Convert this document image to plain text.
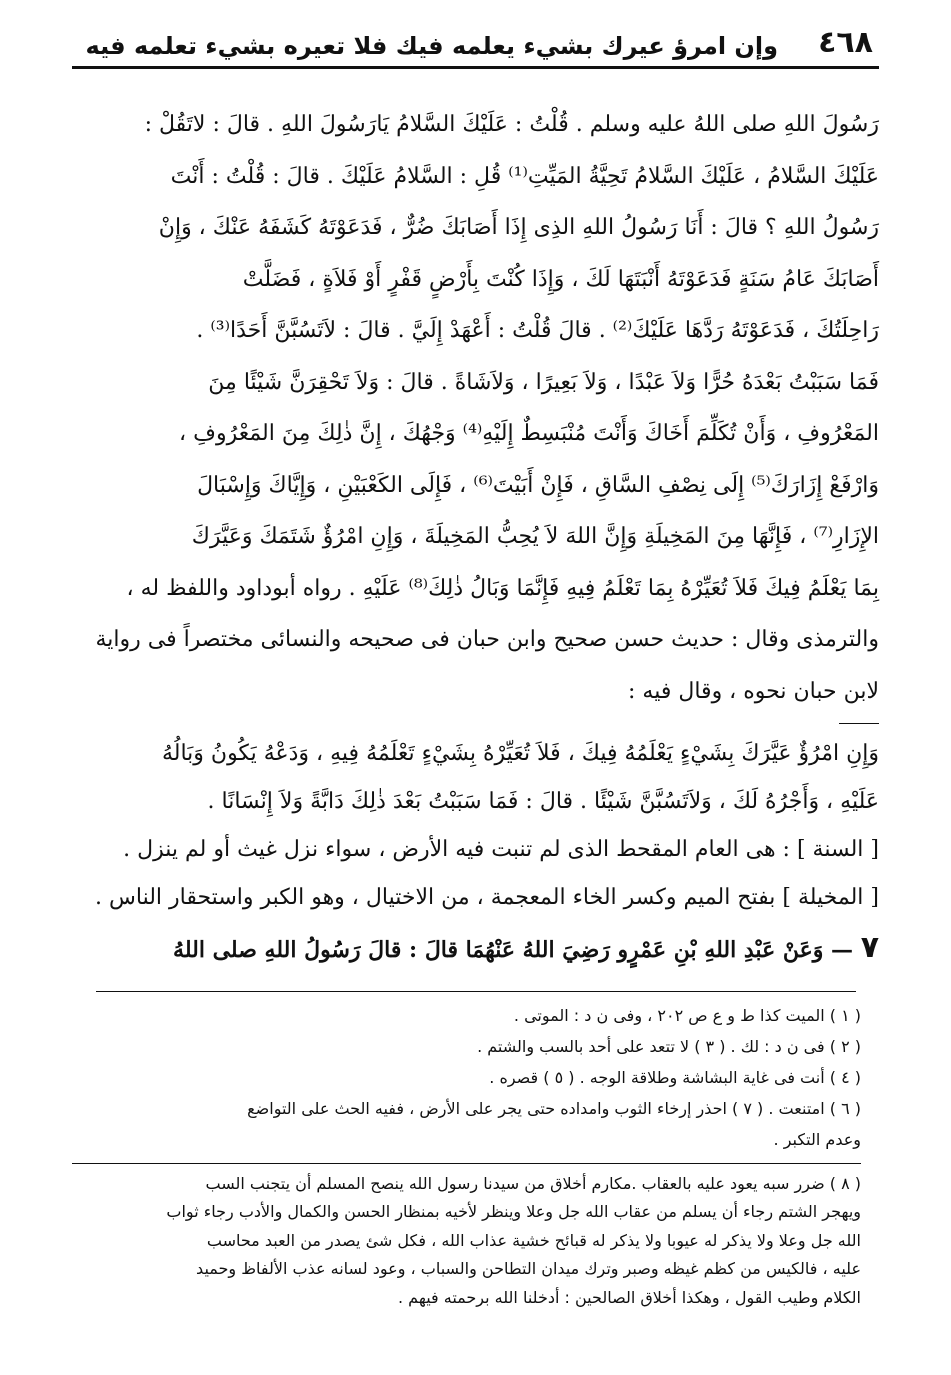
٤٦٨
وإن امرؤ عيرك بشيء يعلمه فيك فلا تعيره بشيء تعلمه فيه

رَسُولَ اللهِ صلى اللهُ عليه وسلم . قُلْتُ : عَلَيْكَ السَّلامُ يَارَسُولَ اللهِ . قالَ : لاتَقُلْ :

عَلَيْكَ السَّلامُ ، عَلَيْكَ السَّلامُ تَحِيَّةُ المَيِّتِ⁽¹⁾ قُلِ : السَّلامُ عَلَيْكَ . قالَ : قُلْتُ : أَنْتَ

رَسُولُ اللهِ ؟ قالَ : أَنَا رَسُولُ اللهِ الذِى إِذَا أَصَابَكَ ضُرٌّ ، فَدَعَوْتَهُ كَشَفَهُ عَنْكَ ، وَإِنْ

أَصَابَكَ عَامُ سَنَةٍ فَدَعَوْتَهُ أَنْبَتَهَا لَكَ ، وَإِذَا كُنْتَ بِأَرْضٍ قَفْرٍ أَوْ فَلاَةٍ ، فَضَلَّتْ

رَاحِلَتُكَ ، فَدَعَوْتَهُ رَدَّهَا عَلَيْكَ⁽²⁾ . قالَ قُلْتُ : أَعْهَدْ إِلَيَّ . قالَ : لاَتَسُبَّنَّ أَحَدًا⁽³⁾ .

فَمَا سَبَبْتُ بَعْدَهُ حُرًّا وَلاَ عَبْدًا ، وَلاَ بَعِيرًا ، وَلاَشَاةً . قالَ : وَلاَ تَحْقِرَنَّ شَيْئًا مِنَ

المَعْرُوفِ ، وَأَنْ تُكَلِّمَ أَخَاكَ وَأَنْتَ مُنْبَسِطٌ إِلَيْهِ⁽⁴⁾ وَجْهُكَ ، إِنَّ ذٰلِكَ مِنَ المَعْرُوفِ ،

وَارْفَعْ إِزَارَكَ⁽⁵⁾ إِلَى نِصْفِ السَّاقِ ، فَإِنْ أَبَيْتَ⁽⁶⁾ ، فَإِلَى الكَعْبَيْنِ ، وَإِيَّاكَ وَإِسْبَالَ

الإِزَارِ⁽⁷⁾ ، فَإِنَّهَا مِنَ المَخِيلَةِ وَإِنَّ اللهَ لاَ يُحِبُّ المَخِيلَةَ ، وَإِنِ امْرُؤٌ شَتَمَكَ وَعَيَّرَكَ

بِمَا يَعْلَمُ فِيكَ فَلاَ تُعَيِّرْهُ بِمَا تَعْلَمُ فِيهِ فَإِنَّمَا وَبَالُ ذٰلِكَ⁽⁸⁾ عَلَيْهِ . رواه أبوداود واللفظ له ،

والترمذى وقال : حديث حسن صحيح وابن حبان فى صحيحه والنسائى مختصراً فى رواية

لابن حبان نحوه ، وقال فيه :

وَإِنِ امْرُؤٌ عَيَّرَكَ بِشَيْءٍ يَعْلَمُهُ فِيكَ ، فَلاَ تُعَيِّرْهُ بِشَيْءٍ تَعْلَمُهُ فِيهِ ، وَدَعْهُ يَكُونُ وَبَالُهُ

عَلَيْهِ ، وَأَجْرُهُ لَكَ ، وَلاَتَسُبَّنَّ شَيْئًا . قالَ : فَمَا سَبَبْتُ بَعْدَ ذٰلِكَ دَابَّةً وَلاَ إِنْسَانًا .

[ السنة ] : هى العام المقحط الذى لم تنبت فيه الأرض ، سواء نزل غيث أو لم ينزل .

[ المخيلة ] بفتح الميم وكسر الخاء المعجمة ، من الاختيال ، وهو الكبر واستحقار الناس .

٧ — وَعَنْ عَبْدِ اللهِ بْنِ عَمْرٍو رَضِيَ اللهُ عَنْهُمَا قالَ : قالَ رَسُولُ اللهِ صلى اللهُ

( ١ ) الميت كذا ط و ع ص ٢٠٢ ، وفى ن د : الموتى .

( ٢ ) فى ن د : لك . ( ٣ ) لا تتعد على أحد بالسب والشتم .

( ٤ ) أنت فى غاية البشاشة وطلاقة الوجه . ( ٥ ) قصره .

( ٦ ) امتنعت . ( ٧ ) احذر إرخاء الثوب وامداده حتى يجر على الأرض ، ففيه الحث على التواضع

وعدم التكبر .

( ٨ ) ضرر سبه يعود عليه بالعقاب .مكارم أخلاق من سيدنا رسول الله ينصح المسلم أن يتجنب السب

ويهجر الشتم رجاء أن يسلم من عقاب الله جل وعلا وينظر لأخيه بمنظار الحسن والكمال والأدب رجاء ثواب

الله جل وعلا ولا يذكر له عيوبا ولا يذكر له قبائح خشية عذاب الله ، فكل شئ يصدر من العبد محاسب

عليه ، فالكيس من كظم غيظه وصبر وترك ميدان التطاحن والسباب ، وعود لسانه عذب الألفاظ وحميد

الكلام وطيب القول ، وهكذا أخلاق الصالحين : أدخلنا الله برحمته فيهم .
